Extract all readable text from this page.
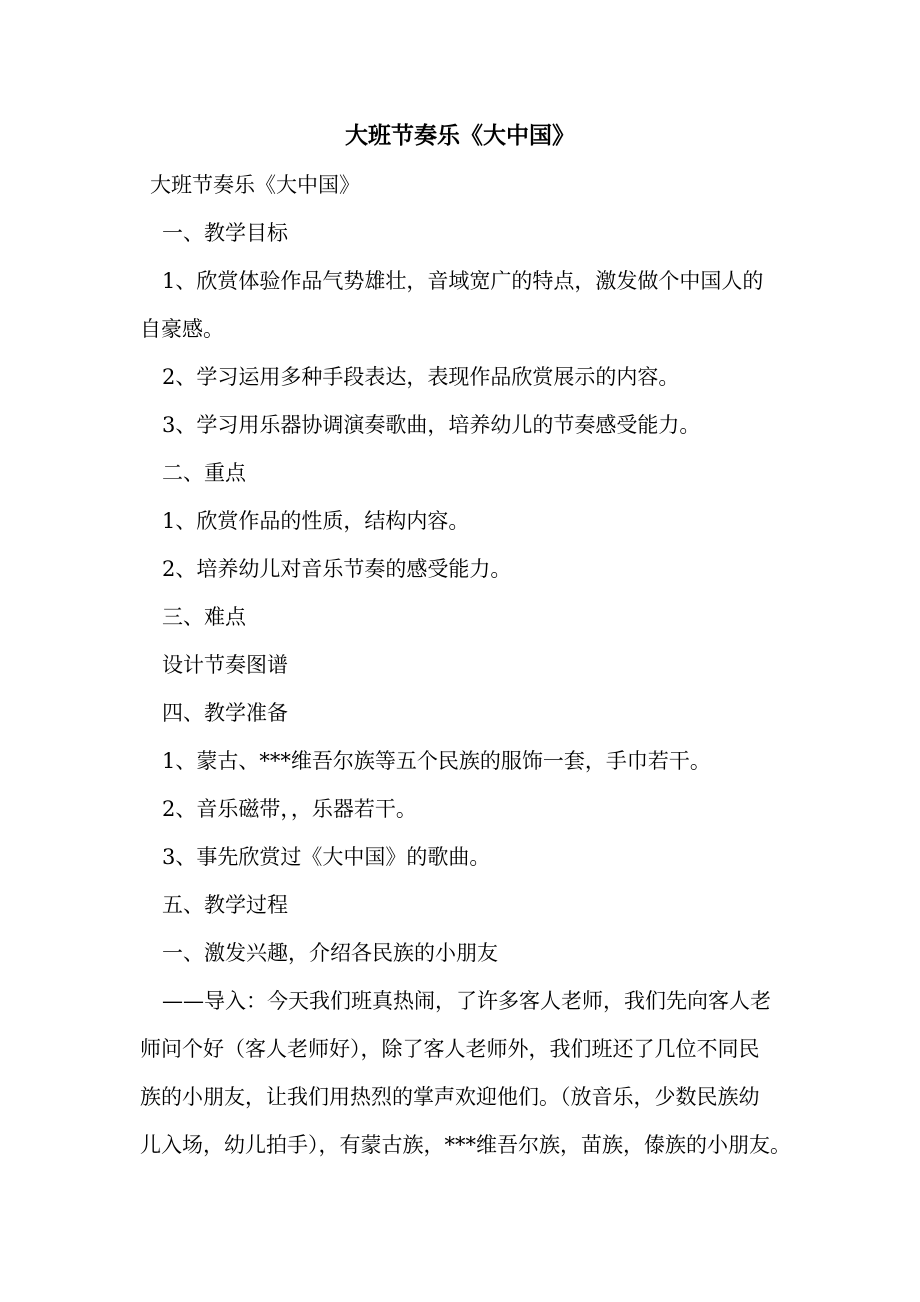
大班节奏乐《大中国》
大班节奏乐《大中国》
一、教学目标
1、欣赏体验作品气势雄壮，音域宽广的特点，激发做个中国人的
自豪感。
2、学习运用多种手段表达，表现作品欣赏展示的内容。
3、学习用乐器协调演奏歌曲，培养幼儿的节奏感受能力。
二、重点
1、欣赏作品的性质，结构内容。
2、培养幼儿对音乐节奏的感受能力。
三、难点
设计节奏图谱
四、教学准备
1、蒙古、***维吾尔族等五个民族的服饰一套，手巾若干。
2、音乐磁带，，乐器若干。
3、事先欣赏过《大中国》的歌曲。
五、教学过程
一、激发兴趣，介绍各民族的小朋友
——导入：今天我们班真热闹，了许多客人老师，我们先向客人老
师问个好（客人老师好），除了客人老师外，我们班还了几位不同民
族的小朋友，让我们用热烈的掌声欢迎他们。（放音乐，少数民族幼
儿入场，幼儿拍手），有蒙古族，***维吾尔族，苗族，傣族的小朋友。
